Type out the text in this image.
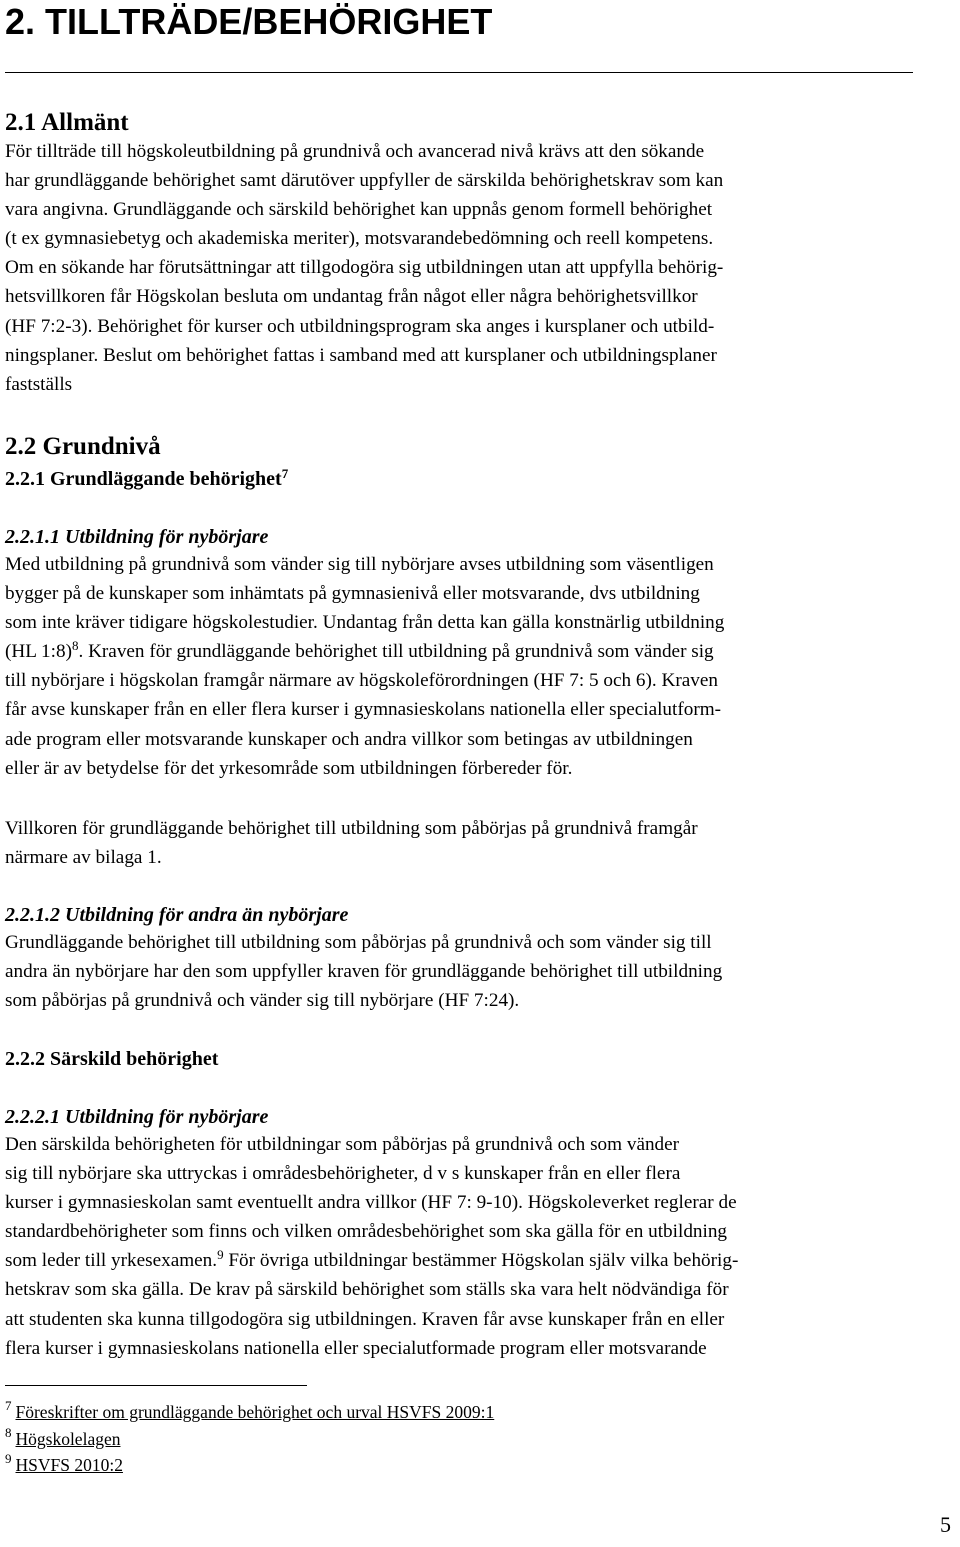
2. TILLTRÄDE/BEHÖRIGHET
2.1 Allmänt
För tillträde till högskoleutbildning på grundnivå och avancerad nivå krävs att den sökande
har grundläggande behörighet samt därutöver uppfyller de särskilda behörighetskrav som kan
vara angivna. Grundläggande och särskild behörighet kan uppnås genom formell behörighet
(t ex gymnasiebetyg och akademiska meriter), motsvarandebedömning och reell kompetens.
Om en sökande har förutsättningar att tillgodogöra sig utbildningen utan att uppfylla behörig-
hetsvillkoren får Högskolan besluta om undantag från något eller några behörighetsvillkor
(HF 7:2-3). Behörighet för kurser och utbildningsprogram ska anges i kursplaner och utbild-
ningsplaner. Beslut om behörighet fattas i samband med att kursplaner och utbildningsplaner
fastställs
2.2 Grundnivå
2.2.1 Grundläggande behörighet$^7$
2.2.1.1 Utbildning för nybörjare
Med utbildning på grundnivå som vänder sig till nybörjare avses utbildning som väsentligen
bygger på de kunskaper som inhämtats på gymnasienivå eller motsvarande, dvs utbildning
som inte kräver tidigare högskolestudier. Undantag från detta kan gälla konstnärlig utbildning
(HL 1:8)$^8$. Kraven för grundläggande behörighet till utbildning på grundnivå som vänder sig
till nybörjare i högskolan framgår närmare av högskoleförordningen (HF 7: 5 och 6). Kraven
får avse kunskaper från en eller flera kurser i gymnasieskolans nationella eller specialutform-
ade program eller motsvarande kunskaper och andra villkor som betingas av utbildningen
eller är av betydelse för det yrkesområde som utbildningen förbereder för.
Villkoren för grundläggande behörighet till utbildning som påbörjas på grundnivå framgår
närmare av bilaga 1.
2.2.1.2 Utbildning för andra än nybörjare
Grundläggande behörighet till utbildning som påbörjas på grundnivå och som vänder sig till
andra än nybörjare har den som uppfyller kraven för grundläggande behörighet till utbildning
som påbörjas på grundnivå och vänder sig till nybörjare (HF 7:24).
2.2.2 Särskild behörighet
2.2.2.1 Utbildning för nybörjare
Den särskilda behörigheten för utbildningar som påbörjas på grundnivå och som vänder
sig till nybörjare ska uttryckas i områdesbehörigheter, d v s kunskaper från en eller flera
kurser i gymnasieskolan samt eventuellt andra villkor (HF 7: 9-10). Högskoleverket reglerar de
standardbehörigheter som finns och vilken områdesbehörighet som ska gälla för en utbildning
som leder till yrkesexamen.$^9$ För övriga utbildningar bestämmer Högskolan själv vilka behörig-
hetskrav som ska gälla. De krav på särskild behörighet som ställs ska vara helt nödvändiga för
att studenten ska kunna tillgodogöra sig utbildningen. Kraven får avse kunskaper från en eller
flera kurser i gymnasieskolans nationella eller specialutformade program eller motsvarande
$^7$ Föreskrifter om grundläggande behörighet och urval HSVFS 2009:1
$^8$ Högskolelagen
$^9$ HSVFS 2010:2
5
